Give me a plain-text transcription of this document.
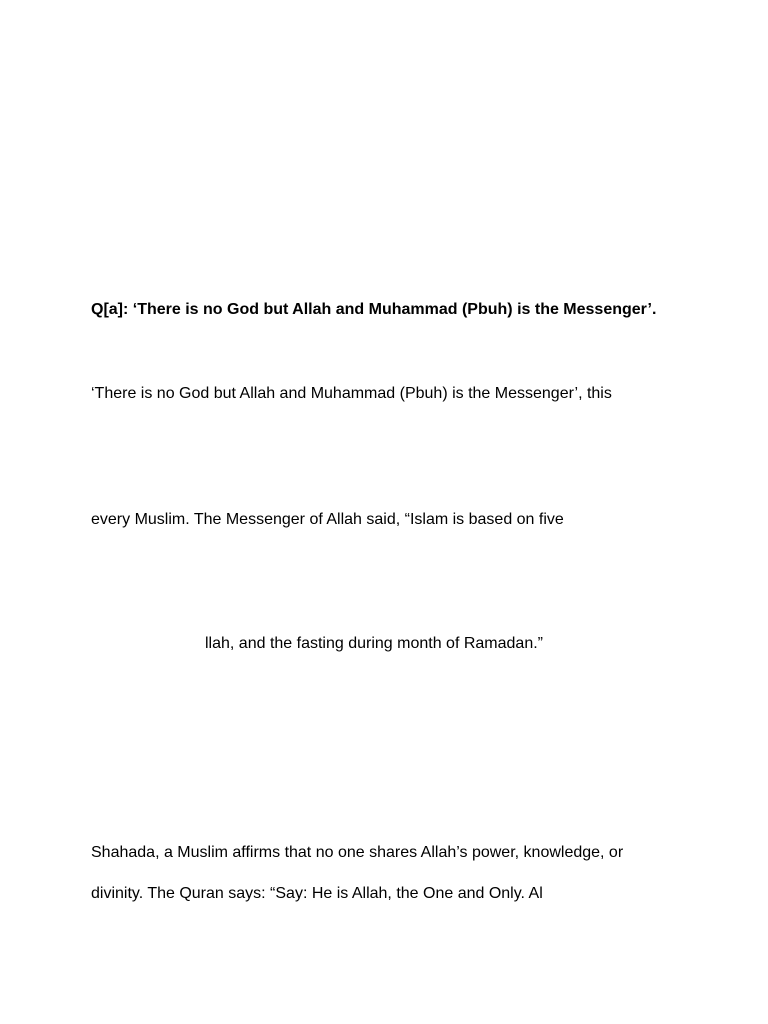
Q[a]: ‘There is no God but Allah and Muhammad (Pbuh) is the Messenger’.

‘There is no God but Allah and Muhammad (Pbuh) is the Messenger’, this

every Muslim. The Messenger of Allah said, “Islam is based on five

llah, and the fasting during month of Ramadan.”

Shahada, a Muslim affirms that no one shares Allah’s power, knowledge, or

divinity. The Quran says: “Say: He is Allah, the One and Only. Al
